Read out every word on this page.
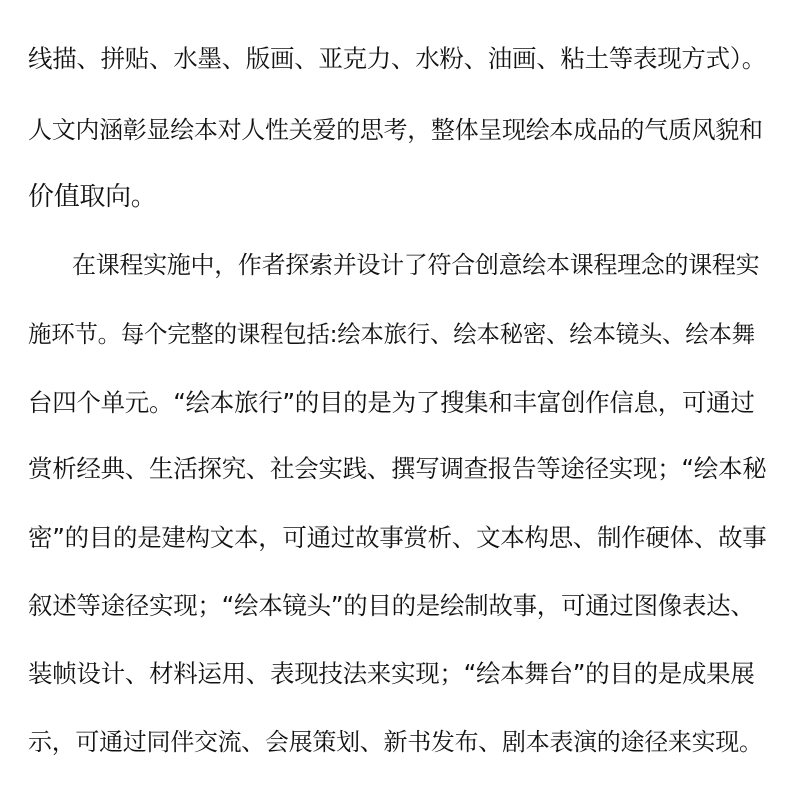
线描、拼贴、水墨、版画、亚克力、水粉、油画、粘土等表现方式）。
人文内涵彰显绘本对人性关爱的思考，整体呈现绘本成品的气质风貌和
价值取向。
在课程实施中，作者探索并设计了符合创意绘本课程理念的课程实
施环节。每个完整的课程包括:绘本旅行、绘本秘密、绘本镜头、绘本舞
台四个单元。“绘本旅行”的目的是为了搜集和丰富创作信息，可通过
赏析经典、生活探究、社会实践、撰写调查报告等途径实现；“绘本秘
密”的目的是建构文本，可通过故事赏析、文本构思、制作硬体、故事
叙述等途径实现；“绘本镜头”的目的是绘制故事，可通过图像表达、
装帧设计、材料运用、表现技法来实现；“绘本舞台”的目的是成果展
示，可通过同伴交流、会展策划、新书发布、剧本表演的途径来实现。
